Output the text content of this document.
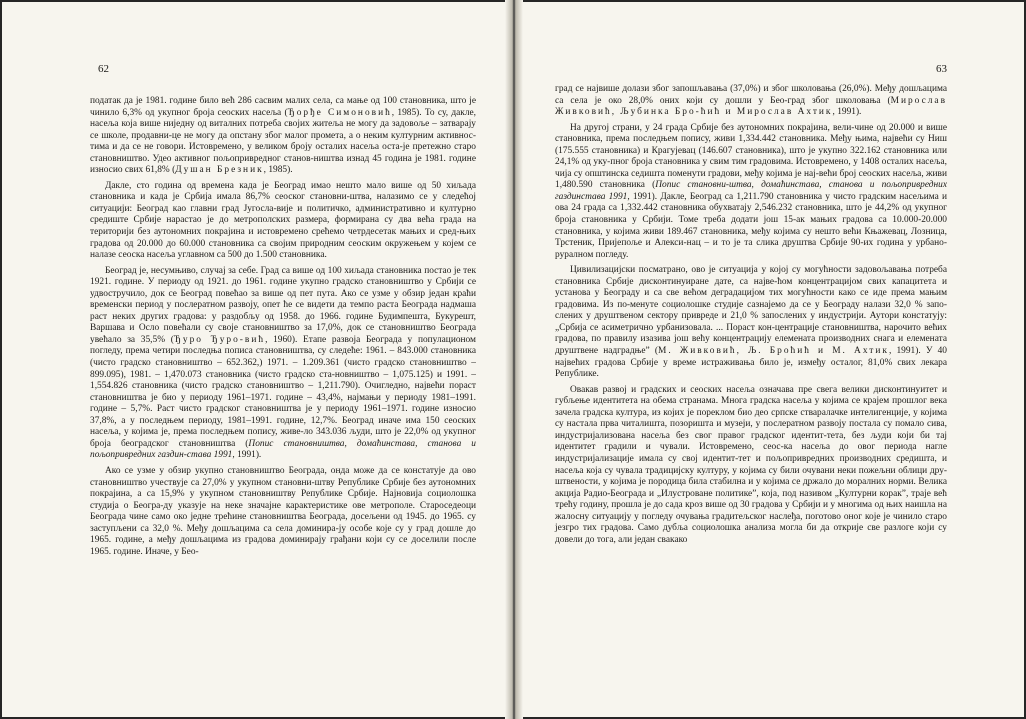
62

податак да је 1981. године било већ 286 сасвим малих села, са мање од 100 становника, што је чинило 6,3% од укупног броја сеоских насеља (Ђорђе Симоновић, 1985). То су, дакле, насеља која више ниједну од виталних потреба својих житеља не могу да задовоље – затварају се школе, продавни-це не могу да опстану због малог промета, а о неким културним активнос-тима и да се не говори. Истовремено, у великом броју осталих насеља оста-је претежно старо становништво. Удео активног пољопривредног станов-ништва изнад 45 година је 1981. године износио свих 61,8% (Душан Брезник, 1985).

Дакле, сто година од времена када је Београд имао нешто мало више од 50 хиљада становника и када је Србија имала 86,7% сеоског становни-штва, налазимо се у следећој ситуацији: Београд као главни град Југосла-вије и политичко, административно и културно средиште Србије нарастао је до метрополских размера, формирана су два већа града на територији без аутономних покрајина и истовремено срећемо четрдесетак мањих и сред-њих градова од 20.000 до 60.000 становника са својим природним сеоским окружењем у којем се налазе сеоска насеља углавном са 500 до 1.500 становника.

Београд је, несумњиво, случај за себе. Град са више од 100 хиљада становника постао је тек 1921. године. У периоду од 1921. до 1961. године укупно градско становништво у Србији се удвостручило, док се Београд повећао за више од пет пута. Ако се узме у обзир један краћи временски период у послератном развоју, опет ће се видети да темпо раста Београда надмаша раст неких других градова: у раздобљу од 1958. до 1966. године Будимпешта, Букурешт, Варшава и Осло повећали су своје становништво за 17,0%, док се становништво Београда увећало за 35,5% (Ђуро Ђуро-вић, 1960). Етапе развоја Београда у популационом погледу, према четири последња пописа становништва, су следеће: 1961. – 843.000 становника (чисто градско становништво – 652.362,) 1971. – 1.209.361 (чисто градско становништво – 899.095), 1981. – 1,470.073 становника (чисто градско ста-новништво – 1,075.125) и 1991. – 1,554.826 становника (чисто градско становништво – 1,211.790). Очигледно, највећи пораст становништва је био у периоду 1961–1971. године – 43,4%, најмањи у периоду 1981–1991. године – 5,7%. Раст чисто градског становништва је у периоду 1961–1971. године износио 37,8%, а у последњем периоду, 1981–1991. године, 12,7%. Београд иначе има 150 сеоских насеља, у којима је, према последњем попису, живе-ло 343.036 људи, што је 22,0% од укупног броја београдског становништва (Попис становништва, домаћинстава, станова и пољопривредних газдин-става 1991, 1991).

Ако се узме у обзир укупно становништво Београда, онда може да се констатује да ово становништво учествује са 27,0% у укупном становни-штву Републике Србије без аутономних покрајина, а са 15,9% у укупном становништву Републике Србије. Најновија социолошка студија о Београ-ду указује на неке значајне карактеристике ове метрополе. Староседеоци Београда чине само око једне трећине становништва Београда, досељени од 1945. до 1965. су заступљени са 32,0 %. Међу дошљацима са села доминира-ју особе које су у град дошле до 1965. године, а међу дошљацима из градова доминирају грађани који су се доселили после 1965. године. Иначе, у Бео-

63

град се највише долази због запошљавања (37,0%) и због школовања (26,0%). Међу дошљацима са села је око 28,0% оних који су дошли у Бео-град због школовања (Мирослав Живковић, Љубинка Бро-ћић и Мирослав Ахтик, 1991).

На другој страни, у 24 града Србије без аутономних покрајина, вели-чине од 20.000 и више становника, према последњем попису, живи 1,334.442 становника. Међу њима, највећи су Ниш (175.555 становника) и Крагујевац (146.607 становника), што је укупно 322.162 становника или 24,1% од уку-пног броја становника у свим тим градовима. Истовремено, у 1408 осталих насеља, чија су општинска седишта поменути градови, међу којима је нај-већи број сеоских насеља, живи 1,480.590 становника (Попис становни-штва, домаћинстава, станова и пољопривредних газдинстава 1991, 1991). Дакле, Београд са 1,211.790 становника у чисто градским насељима и ова 24 града са 1,332.442 становника обухватају 2,546.232 становника, што је 44,2% од укупног броја становника у Србији. Томе треба додати још 15-ак мањих градова са 10.000-20.000 становника, у којима живи 189.467 становника, међу којима су нешто већи Књажевац, Лозница, Трстеник, Пријепоље и Алекси-нац – и то је та слика друштва Србије 90-их година у урбано-руралном погледу.

Цивилизацијски посматрано, ово је ситуација у којој су могућности задовољавања потреба становника Србије дисконтинуиране дате, са најве-ћом концентрацијом свих капацитета и установа у Београду и са све већом деградацијом тих могућности како се иде према мањим градовима. Из по-менуте социолошке студије сазнајемо да се у Београду налази 32,0 % запо-слених у друштвеном сектору привреде и 21,0 % запослених у индустрији. Аутори констатују: „Србија се асиметрично урбанизовала. ... Пораст кон-центрације становништва, нарочито већих градова, по правилу изазива још већу концентрацију елемената производних снага и елемената друштвене надградње” (М. Живковић, Љ. Брoћић и М. Ахтик, 1991). У 40 највећих градова Србије у време истраживања било је, између осталог, 81,0% свих лекара Републике.

Овакав развој и градских и сеоских насеља означава пре свега велики дисконтинуитет и губљење идентитета на обема странама. Многа градска насеља у којима се крајем прошлог века зачела градска култура, из којих је пореклом био део српске стваралачке интелигенције, у којима су настала прва читалишта, позоришта и музеји, у послератном развоју постала су помало сива, индустријализована насеља без свог правог градског идентит-тета, без људи који би тај идентитет градили и чували. Истовремено, сеос-ка насеља до овог периода нагле индустријализације имала су свој идентит-тет и пољопривредних производних средишта, и насеља која су чувала традицијску културу, у којима су били очувани неки пожељни облици дру-штвености, у којима је породица била стабилна и у којима се држало до моралних норми. Велика акција Радио-Београда и „Илустроване политике”, која, под називом „Културни корак”, траје већ трећу годину, прошла је до сада кроз више од 30 градова у Србији и у многима од њих наишла на жалосну ситуацију у погледу очувања градитељског наслеђа, поготово оног које је чинило старо језгро тих градова. Само дубља социолошка анализа могла би да открије све разлоге који су довели до тога, али један свакако
